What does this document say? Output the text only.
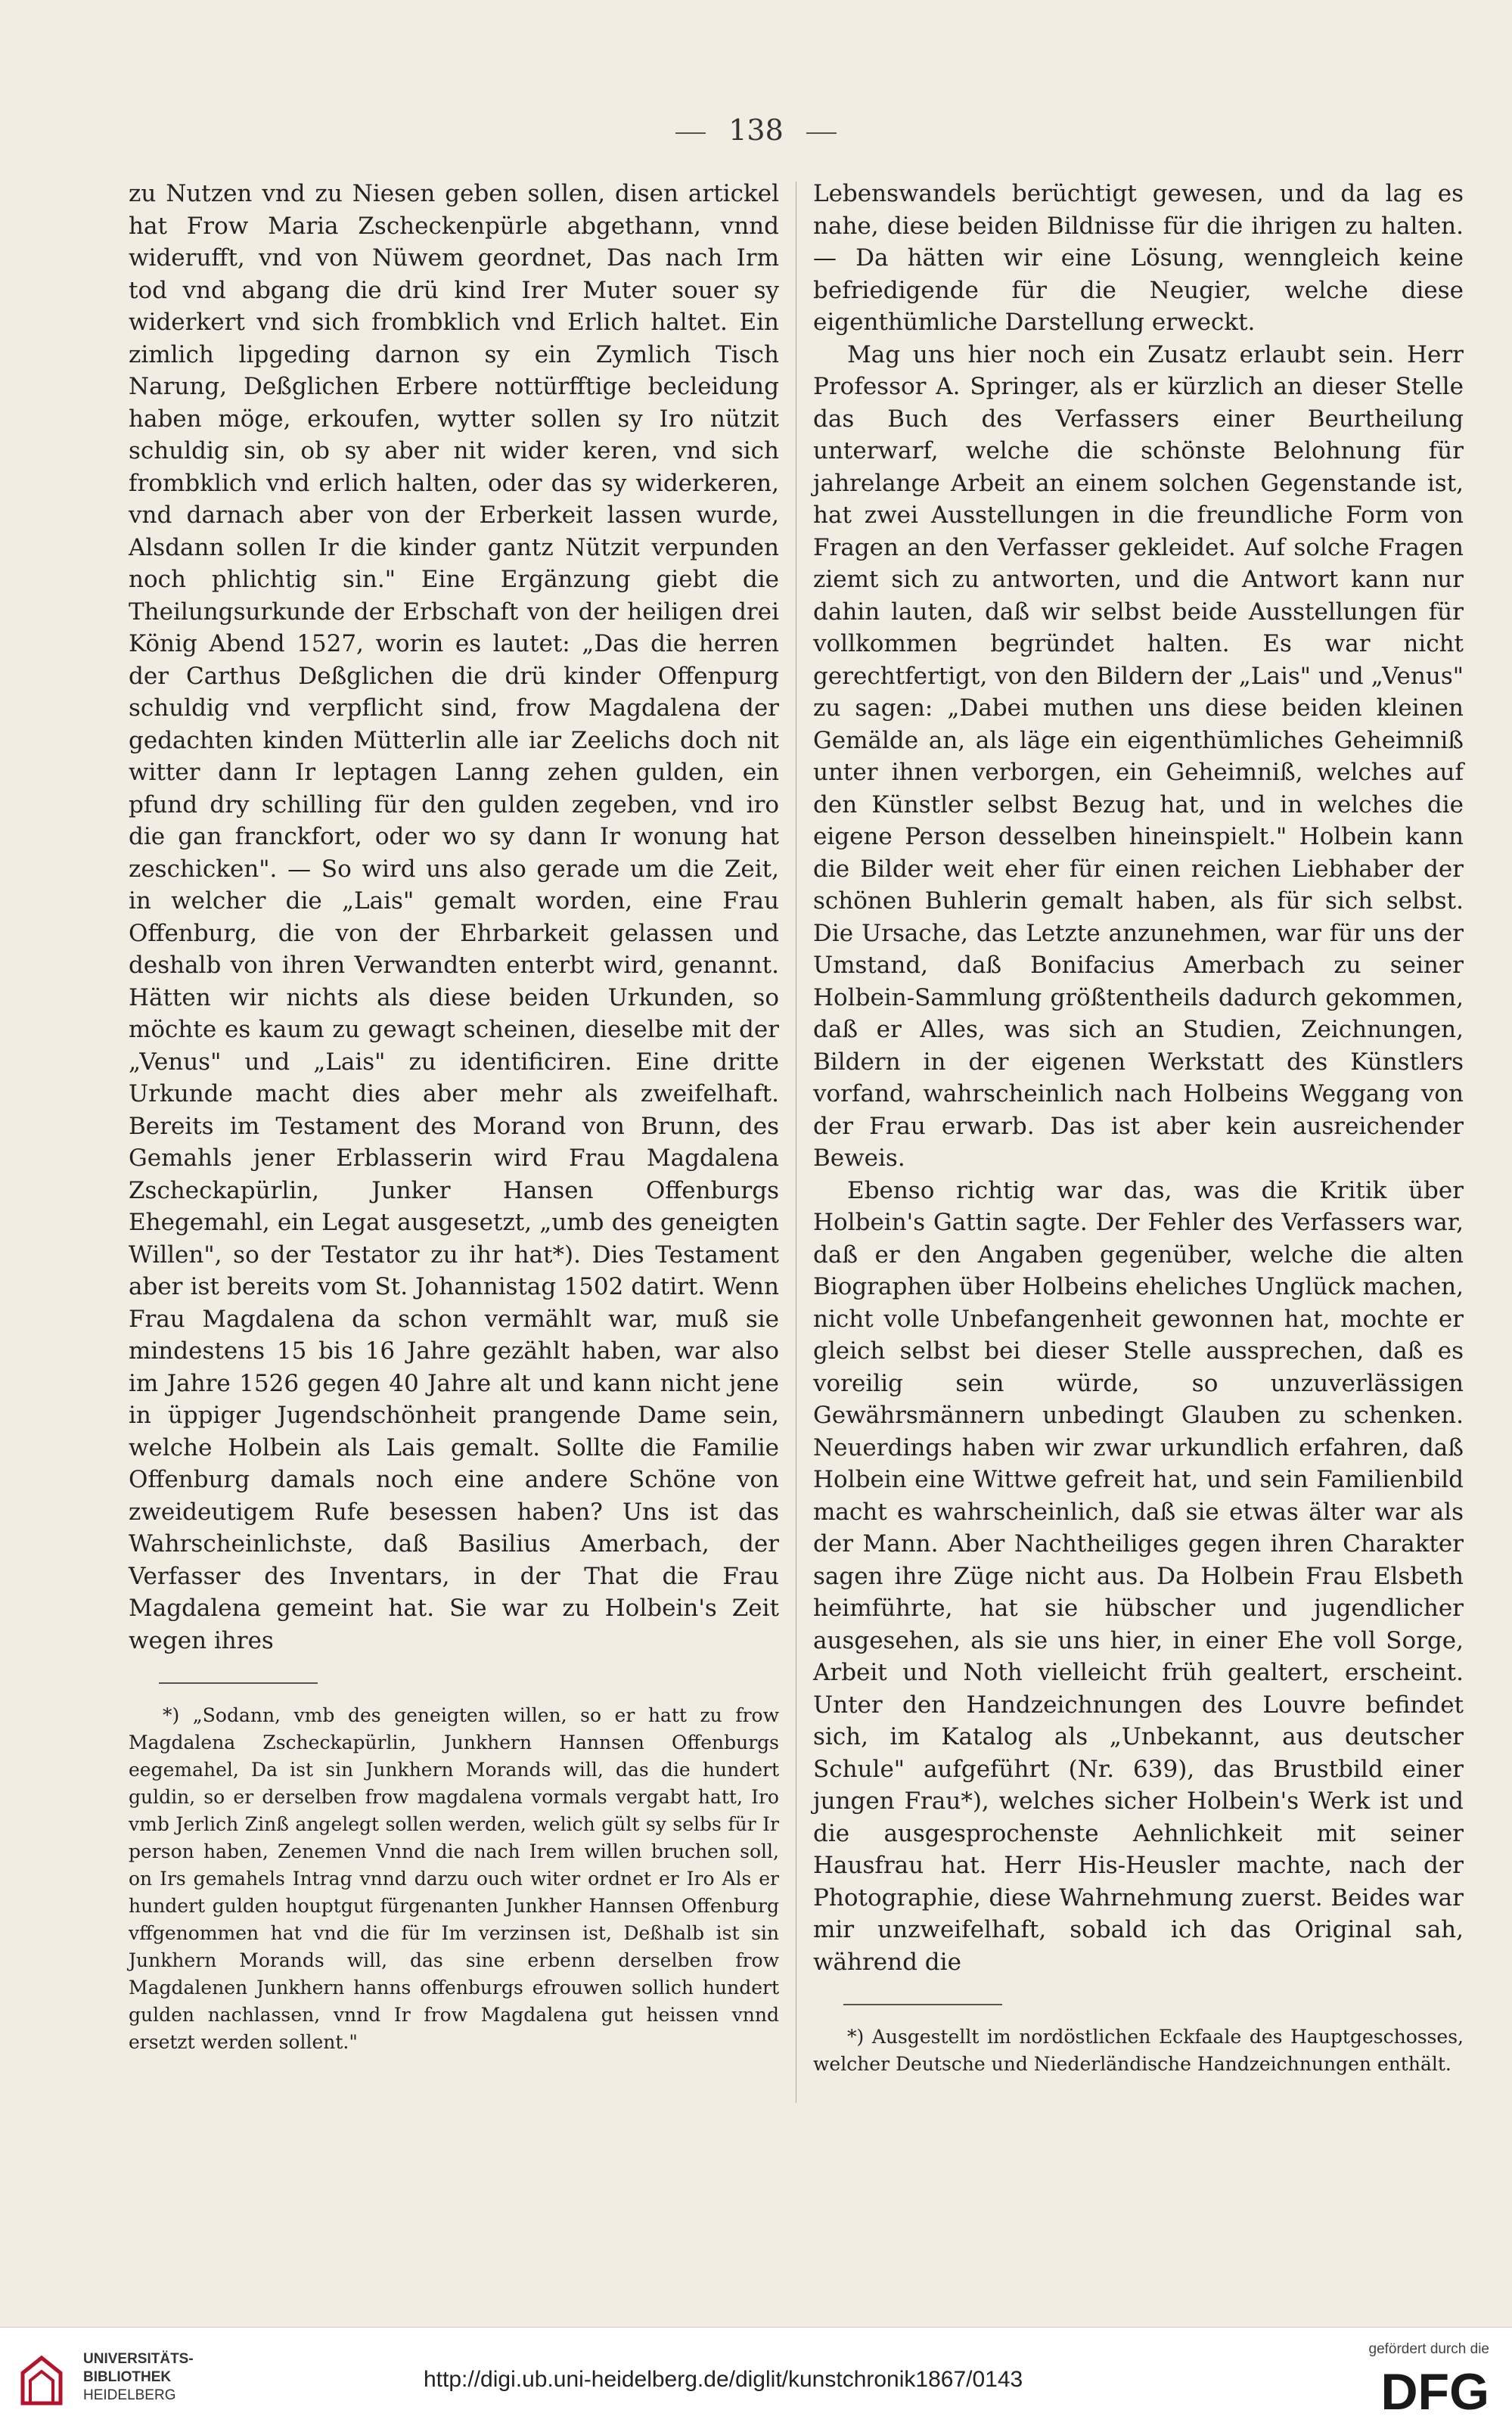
138

zu Nutzen vnd zu Niesen geben sollen, disen artickel hat Frow Maria Zscheckenpürle abgethann, vnnd widerufft, vnd von Nüwem geordnet, Das nach Irm tod vnd abgang die drü kind Irer Muter souer sy widerkert vnd sich frombklich vnd Erlich haltet. Ein zimlich lipgeding darnon sy ein Zymlich Tisch Narung, Deßglichen Erbere nottürfftige becleidung haben möge, erkoufen, wytter sollen sy Iro nützit schuldig sin, ob sy aber nit wider keren, vnd sich frombklich vnd erlich halten, oder das sy widerkeren, vnd darnach aber von der Erberkeit lassen wurde, Alsdann sollen Ir die kinder gantz Nützit verpunden noch phlichtig sin." Eine Ergänzung giebt die Theilungsurkunde der Erbschaft von der heiligen drei König Abend 1527, worin es lautet: „Das die herren der Carthus Deßglichen die drü kinder Offenpurg schuldig vnd verpflicht sind, frow Magdalena der gedachten kinden Mütterlin alle iar Zeelichs doch nit witter dann Ir leptagen Lanng zehen gulden, ein pfund dry schilling für den gulden zegeben, vnd iro die gan franckfort, oder wo sy dann Ir wonung hat zeschicken". — So wird uns also gerade um die Zeit, in welcher die „Lais" gemalt worden, eine Frau Offenburg, die von der Ehrbarkeit gelassen und deshalb von ihren Verwandten enterbt wird, genannt. Hätten wir nichts als diese beiden Urkunden, so möchte es kaum zu gewagt scheinen, dieselbe mit der „Venus" und „Lais" zu identificiren. Eine dritte Urkunde macht dies aber mehr als zweifelhaft. Bereits im Testament des Morand von Brunn, des Gemahls jener Erblasserin wird Frau Magdalena Zscheckapürlin, Junker Hansen Offenburgs Ehegemahl, ein Legat ausgesetzt, „umb des geneigten Willen", so der Testator zu ihr hat*). Dies Testament aber ist bereits vom St. Johannistag 1502 datirt. Wenn Frau Magdalena da schon vermählt war, muß sie mindestens 15 bis 16 Jahre gezählt haben, war also im Jahre 1526 gegen 40 Jahre alt und kann nicht jene in üppiger Jugendschönheit prangende Dame sein, welche Holbein als Lais gemalt. Sollte die Familie Offenburg damals noch eine andere Schöne von zweideutigem Rufe besessen haben? Uns ist das Wahrscheinlichste, daß Basilius Amerbach, der Verfasser des Inventars, in der That die Frau Magdalena gemeint hat. Sie war zu Holbein's Zeit wegen ihres

*) „Sodann, vmb des geneigten willen, so er hatt zu frow Magdalena Zscheckapürlin, Junkhern Hannsen Offenburgs eegemahel, Da ist sin Junkhern Morands will, das die hundert guldin, so er derselben frow magdalena vormals vergabt hatt, Iro vmb Jerlich Zinß angelegt sollen werden, welich gült sy selbs für Ir person haben, Zenemen Vnnd die nach Irem willen bruchen soll, on Irs gemahels Intrag vnnd darzu ouch witer ordnet er Iro Als er hundert gulden houptgut fürgenanten Junkher Hannsen Offenburg vffgenommen hat vnd die für Im verzinsen ist, Deßhalb ist sin Junkhern Morands will, das sine erbenn derselben frow Magdalenen Junkhern hanns offenburgs efrouwen sollich hundert gulden nachlassen, vnnd Ir frow Magdalena gut heissen vnnd ersetzt werden sollent."

Lebenswandels berüchtigt gewesen, und da lag es nahe, diese beiden Bildnisse für die ihrigen zu halten. — Da hätten wir eine Lösung, wenngleich keine befriedigende für die Neugier, welche diese eigenthümliche Darstellung erweckt.

Mag uns hier noch ein Zusatz erlaubt sein. Herr Professor A. Springer, als er kürzlich an dieser Stelle das Buch des Verfassers einer Beurtheilung unterwarf, welche die schönste Belohnung für jahrelange Arbeit an einem solchen Gegenstande ist, hat zwei Ausstellungen in die freundliche Form von Fragen an den Verfasser gekleidet. Auf solche Fragen ziemt sich zu antworten, und die Antwort kann nur dahin lauten, daß wir selbst beide Ausstellungen für vollkommen begründet halten. Es war nicht gerechtfertigt, von den Bildern der „Lais" und „Venus" zu sagen: „Dabei muthen uns diese beiden kleinen Gemälde an, als läge ein eigenthümliches Geheimniß unter ihnen verborgen, ein Geheimniß, welches auf den Künstler selbst Bezug hat, und in welches die eigene Person desselben hineinspielt." Holbein kann die Bilder weit eher für einen reichen Liebhaber der schönen Buhlerin gemalt haben, als für sich selbst. Die Ursache, das Letzte anzunehmen, war für uns der Umstand, daß Bonifacius Amerbach zu seiner Holbein-Sammlung größtentheils dadurch gekommen, daß er Alles, was sich an Studien, Zeichnungen, Bildern in der eigenen Werkstatt des Künstlers vorfand, wahrscheinlich nach Holbeins Weggang von der Frau erwarb. Das ist aber kein ausreichender Beweis.

Ebenso richtig war das, was die Kritik über Holbein's Gattin sagte. Der Fehler des Verfassers war, daß er den Angaben gegenüber, welche die alten Biographen über Holbeins eheliches Unglück machen, nicht volle Unbefangenheit gewonnen hat, mochte er gleich selbst bei dieser Stelle aussprechen, daß es voreilig sein würde, so unzuverlässigen Gewährsmännern unbedingt Glauben zu schenken. Neuerdings haben wir zwar urkundlich erfahren, daß Holbein eine Wittwe gefreit hat, und sein Familienbild macht es wahrscheinlich, daß sie etwas älter war als der Mann. Aber Nachtheiliges gegen ihren Charakter sagen ihre Züge nicht aus. Da Holbein Frau Elsbeth heimführte, hat sie hübscher und jugendlicher ausgesehen, als sie uns hier, in einer Ehe voll Sorge, Arbeit und Noth vielleicht früh gealtert, erscheint. Unter den Handzeichnungen des Louvre befindet sich, im Katalog als „Unbekannt, aus deutscher Schule" aufgeführt (Nr. 639), das Brustbild einer jungen Frau*), welches sicher Holbein's Werk ist und die ausgesprochenste Aehnlichkeit mit seiner Hausfrau hat. Herr His-Heusler machte, nach der Photographie, diese Wahrnehmung zuerst. Beides war mir unzweifelhaft, sobald ich das Original sah, während die

*) Ausgestellt im nordöstlichen Eckfaale des Hauptgeschosses, welcher Deutsche und Niederländische Handzeichnungen enthält.

UNIVERSITÄTS-
BIBLIOTHEK
HEIDELBERG
http://digi.ub.uni-heidelberg.de/diglit/kunstchronik1867/0143
gefördert durch die
DFG
